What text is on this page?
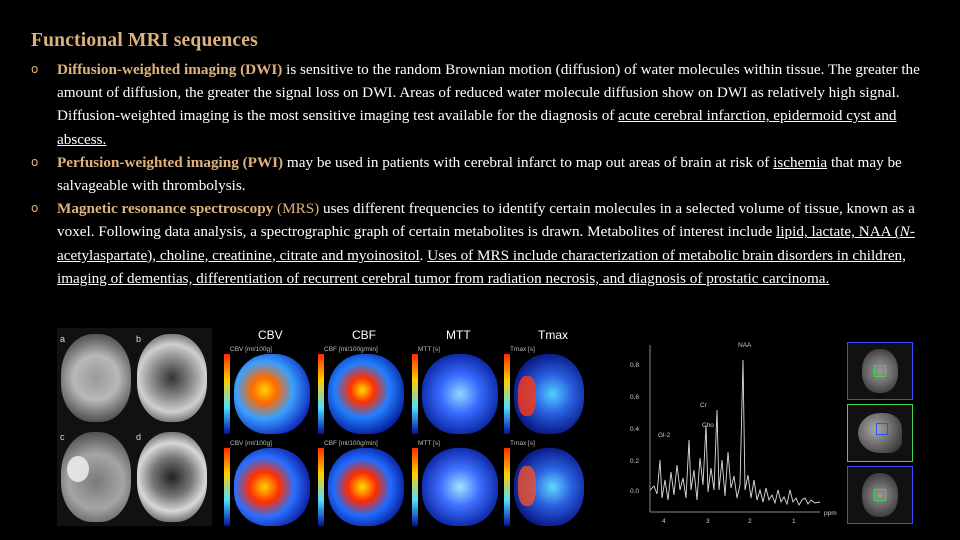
Functional MRI sequences
o Diffusion-weighted imaging (DWI) is sensitive to the random Brownian motion (diffusion) of water molecules within tissue. The greater the amount of diffusion, the greater the signal loss on DWI. Areas of reduced water molecule diffusion show on DWI as relatively high signal. Diffusion-weighted imaging is the most sensitive imaging test available for the diagnosis of acute cerebral infarction, epidermoid cyst and abscess.
o Perfusion-weighted imaging (PWI) may be used in patients with cerebral infarct to map out areas of brain at risk of ischemia that may be salvageable with thrombolysis.
o Magnetic resonance spectroscopy (MRS) uses different frequencies to identify certain molecules in a selected volume of tissue, known as a voxel. Following data analysis, a spectrographic graph of certain metabolites is drawn. Metabolites of interest include lipid, lactate, NAA (N-acetylaspartate), choline, creatinine, citrate and myoinositol. Uses of MRS include characterization of metabolic brain disorders in children, imaging of dementias, differentiation of recurrent cerebral tumor from radiation necrosis, and diagnosis of prostatic carcinoma.
a	b
c	d
CBV	CBF	MTT	Tmax
CBV [ml/100g]	CBF [ml/100g/min]	MTT [s]	Tmax [s]
CBV [ml/100g]	CBF [ml/100g/min]	MTT [s]	Tmax [s]
0.8
0.6
0.4
0.2
0.0
4	3	2	1
ppm
NAA
Cr
Cho
Gl-2
